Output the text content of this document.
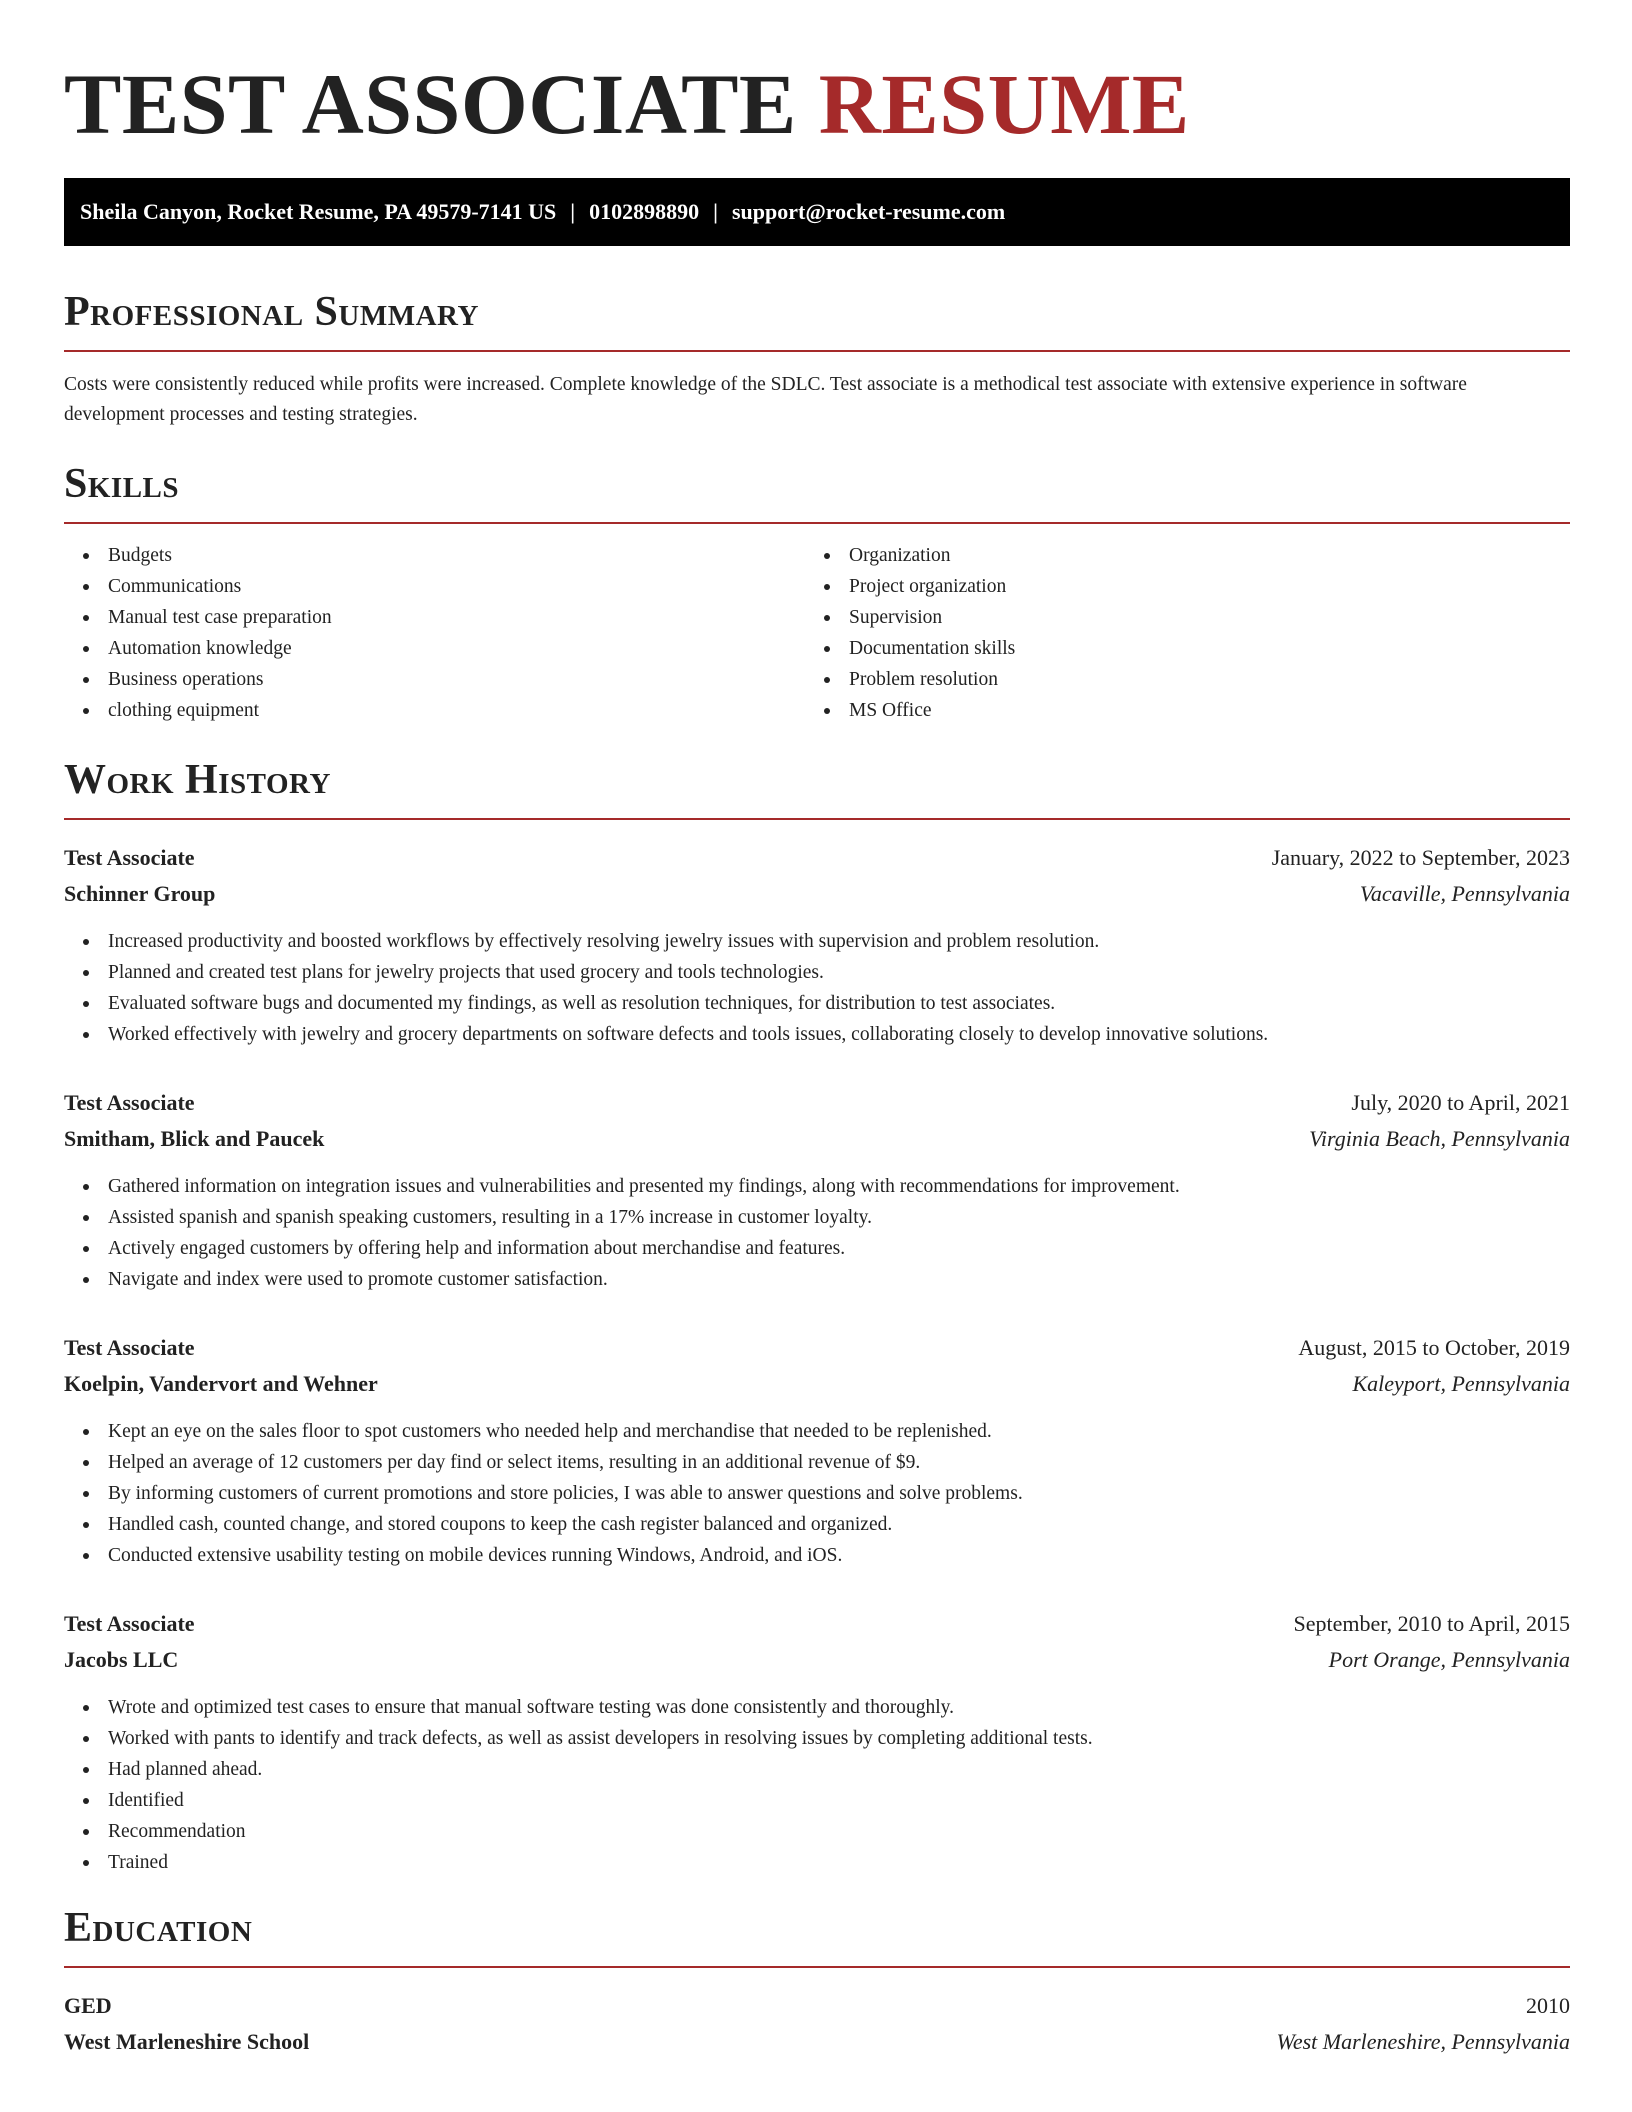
TEST ASSOCIATE RESUME
Sheila Canyon, Rocket Resume, PA 49579-7141 US | 0102898890 | support@rocket-resume.com
Professional Summary

Costs were consistently reduced while profits were increased. Complete knowledge of the SDLC. Test associate is a methodical test associate with extensive experience in software development processes and testing strategies.

Skills
Budgets
Communications
Manual test case preparation
Automation knowledge
Business operations
clothing equipment
Organization
Project organization
Supervision
Documentation skills
Problem resolution
MS Office
Work History
Test Associate	January, 2022 to September, 2023
Schinner Group	Vacaville, Pennsylvania
Increased productivity and boosted workflows by effectively resolving jewelry issues with supervision and problem resolution.
Planned and created test plans for jewelry projects that used grocery and tools technologies.
Evaluated software bugs and documented my findings, as well as resolution techniques, for distribution to test associates.
Worked effectively with jewelry and grocery departments on software defects and tools issues, collaborating closely to develop innovative solutions.
Test Associate	July, 2020 to April, 2021
Smitham, Blick and Paucek	Virginia Beach, Pennsylvania
Gathered information on integration issues and vulnerabilities and presented my findings, along with recommendations for improvement.
Assisted spanish and spanish speaking customers, resulting in a 17% increase in customer loyalty.
Actively engaged customers by offering help and information about merchandise and features.
Navigate and index were used to promote customer satisfaction.
Test Associate	August, 2015 to October, 2019
Koelpin, Vandervort and Wehner	Kaleyport, Pennsylvania
Kept an eye on the sales floor to spot customers who needed help and merchandise that needed to be replenished.
Helped an average of 12 customers per day find or select items, resulting in an additional revenue of $9.
By informing customers of current promotions and store policies, I was able to answer questions and solve problems.
Handled cash, counted change, and stored coupons to keep the cash register balanced and organized.
Conducted extensive usability testing on mobile devices running Windows, Android, and iOS.
Test Associate	September, 2010 to April, 2015
Jacobs LLC	Port Orange, Pennsylvania
Wrote and optimized test cases to ensure that manual software testing was done consistently and thoroughly.
Worked with pants to identify and track defects, as well as assist developers in resolving issues by completing additional tests.
Had planned ahead.
Identified
Recommendation
Trained
Education
GED	2010
West Marleneshire School	West Marleneshire, Pennsylvania
